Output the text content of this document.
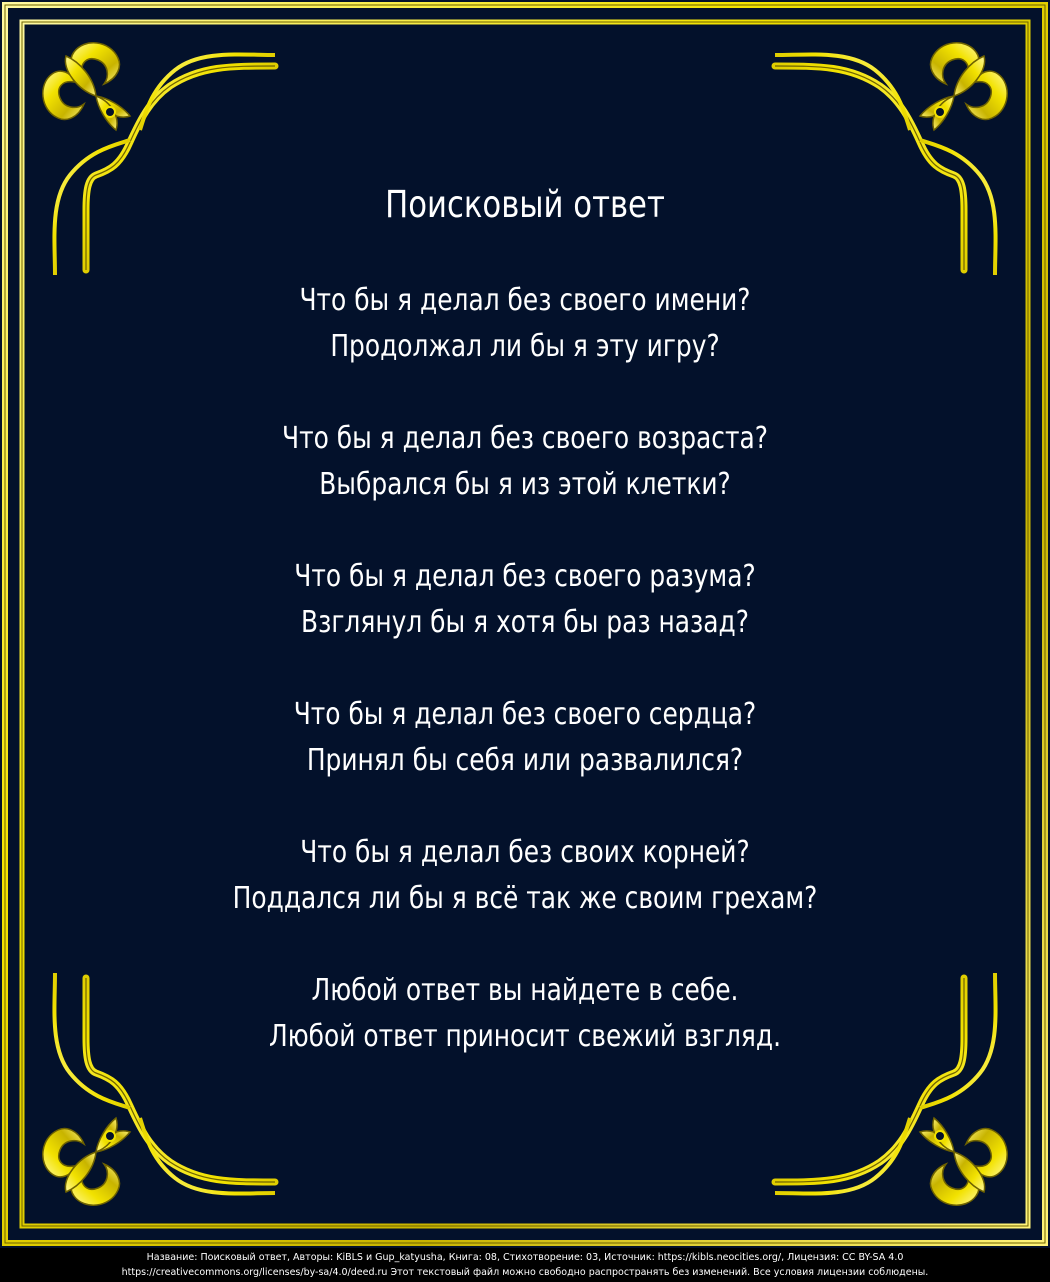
Поисковый ответ
Что бы я делал без своего имени?
Продолжал ли бы я эту игру?
Что бы я делал без своего возраста?
Выбрался бы я из этой клетки?
Что бы я делал без своего разума?
Взглянул бы я хотя бы раз назад?
Что бы я делал без своего сердца?
Принял бы себя или развалился?
Что бы я делал без своих корней?
Поддался ли бы я всё так же своим грехам?
Любой ответ вы найдете в себе.
Любой ответ приносит свежий взгляд.
Название: Поисковый ответ, Авторы: KiBLS и Gup_katyusha, Книга: 08, Стихотворение: 03, Источник: https://kibls.neocities.org/, Лицензия: CC BY-SA 4.0
https://creativecommons.org/licenses/by-sa/4.0/deed.ru Этот текстовый файл можно свободно распространять без изменений. Все условия лицензии соблюдены.
